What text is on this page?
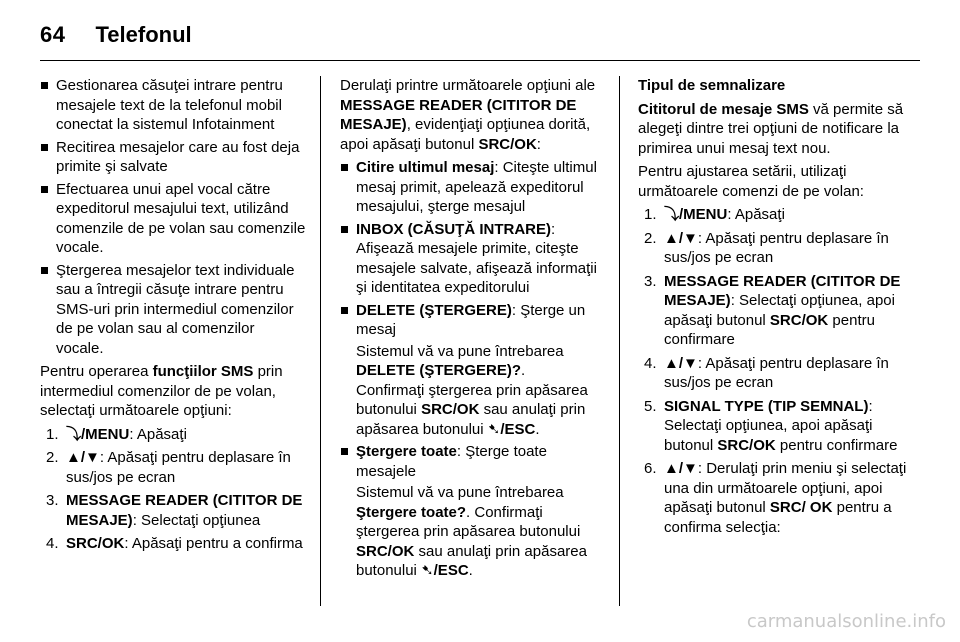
64 Telefonul
Gestionarea căsuţei intrare pentru mesajele text de la telefonul mobil conectat la sistemul Infotainment
Recitirea mesajelor care au fost deja primite şi salvate
Efectuarea unui apel vocal către expeditorul mesajului text, utilizând comenzile de pe volan sau comenzile vocale.
Ştergerea mesajelor text individuale sau a întregii căsuţe intrare pentru SMS-uri prin intermediul comenzilor de pe volan sau al comenzilor vocale.

Pentru operarea funcţiilor SMS prin intermediul comenzilor de pe volan, selectaţi următoarele opţiuni:

1. ⤵/MENU: Apăsaţi
2. ▲/▼: Apăsaţi pentru deplasare în sus/jos pe ecran
3. MESSAGE READER (CITITOR DE MESAJE): Selectaţi opţiunea
4. SRC/OK: Apăsaţi pentru a confirma

Derulaţi printre următoarele opţiuni ale MESSAGE READER (CITITOR DE MESAJE), evidenţiaţi opţiunea dorită, apoi apăsaţi butonul SRC/OK:

Citire ultimul mesaj: Citeşte ultimul mesaj primit, apelează expeditorul mesajului, şterge mesajul
INBOX (CĂSUŢĂ INTRARE): Afişează mesajele primite, citeşte mesajele salvate, afişează informaţii şi identitatea expeditorului
DELETE (ŞTERGERE): Şterge un mesaj
Sistemul vă va pune întrebarea
DELETE (ŞTERGERE)?.
Confirmaţi ştergerea prin apăsarea butonului SRC/OK sau anulaţi prin apăsarea butonului ➷/ESC.
Ştergere toate: Şterge toate mesajele
Sistemul vă va pune întrebarea
Ştergere toate?. Confirmaţi ştergerea prin apăsarea butonului SRC/OK sau anulaţi prin apăsarea butonului ➷/ESC.

Tipul de semnalizare

Cititorul de mesaje SMS vă permite să alegeţi dintre trei opţiuni de notificare la primirea unui mesaj text nou.

Pentru ajustarea setării, utilizaţi următoarele comenzi de pe volan:

1. ⤵/MENU: Apăsaţi
2. ▲/▼: Apăsaţi pentru deplasare în sus/jos pe ecran
3. MESSAGE READER (CITITOR DE MESAJE): Selectaţi opţiunea, apoi apăsaţi butonul SRC/OK pentru confirmare
4. ▲/▼: Apăsaţi pentru deplasare în sus/jos pe ecran
5. SIGNAL TYPE (TIP SEMNAL): Selectaţi opţiunea, apoi apăsaţi butonul SRC/OK pentru confirmare
6. ▲/▼: Derulaţi prin meniu şi selectaţi una din următoarele opţiuni, apoi apăsaţi butonul SRC/ OK pentru a confirma selecţia:
carmanualsonline.info
